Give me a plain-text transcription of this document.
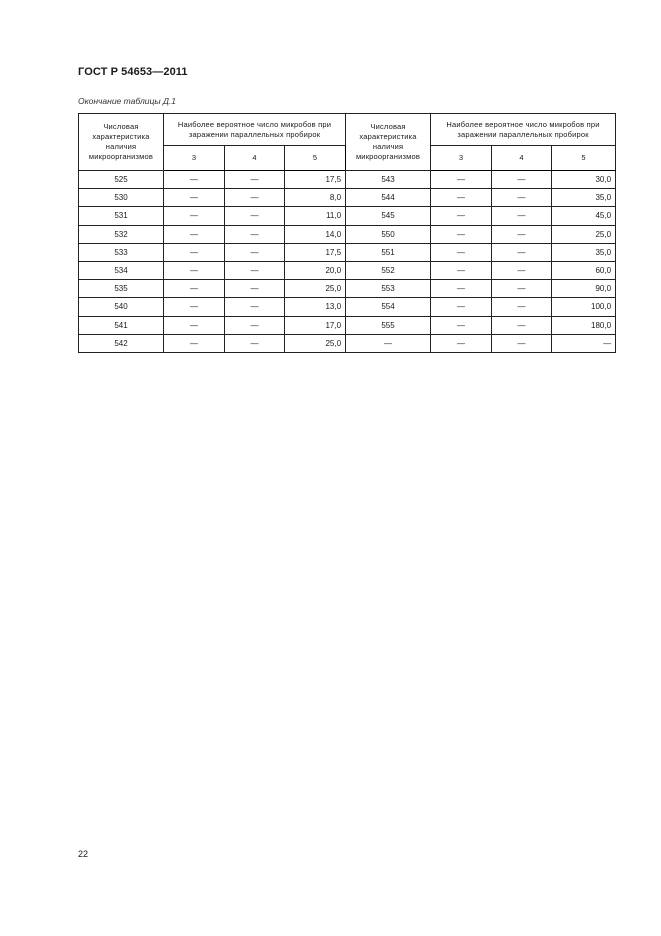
ГОСТ Р 54653—2011
Окончание таблицы Д.1
Числовая характеристика наличия микроорганизмов	Наиболее вероятное число микробов при заражении параллельных пробирок			Числовая характеристика наличия микроорганизмов	Наиболее вероятное число микробов при заражении параллельных пробирок		
	3	4	5		3	4	5
525	—	—	17,5	543	—	—	30,0
530	—	—	8,0	544	—	—	35,0
531	—	—	11,0	545	—	—	45,0
532	—	—	14,0	550	—	—	25,0
533	—	—	17,5	551	—	—	35,0
534	—	—	20,0	552	—	—	60,0
535	—	—	25,0	553	—	—	90,0
540	—	—	13,0	554	—	—	100,0
541	—	—	17,0	555	—	—	180,0
542	—	—	25,0	—	—	—	—
22
